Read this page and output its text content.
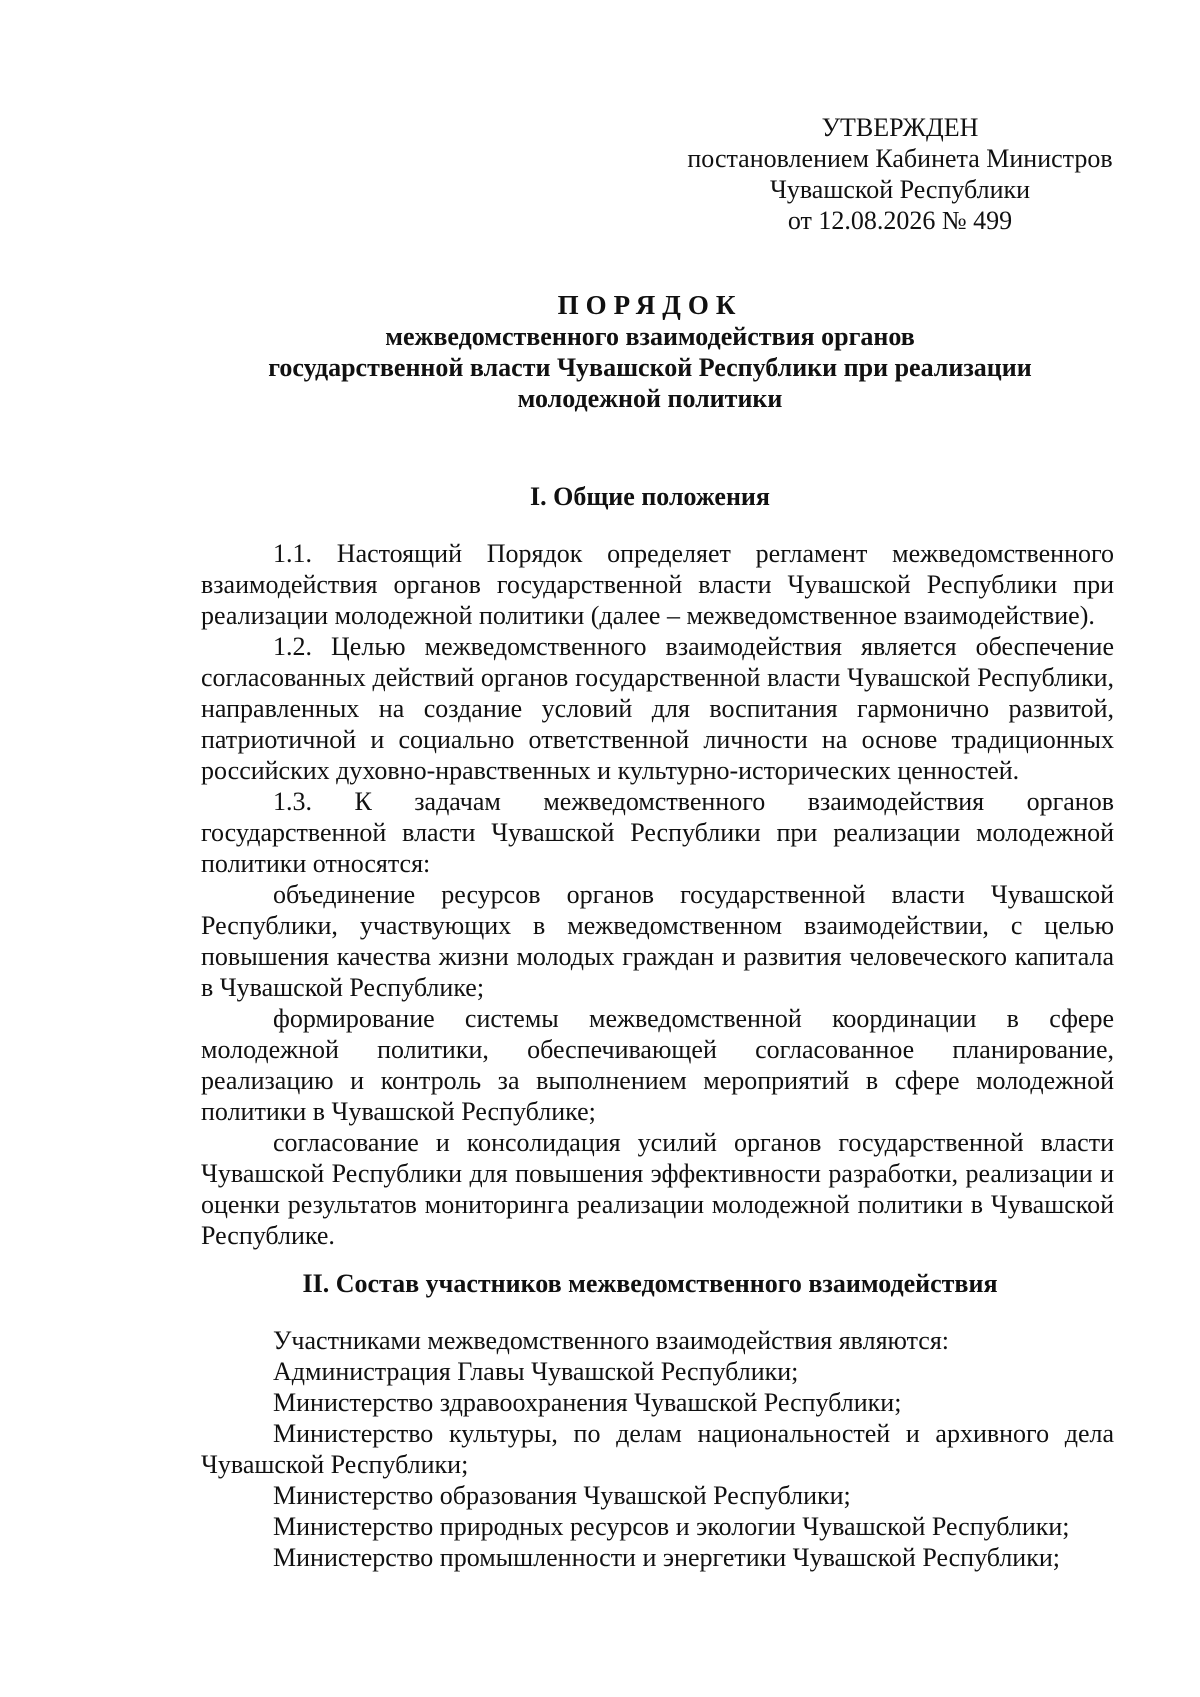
УТВЕРЖДЕН
постановлением Кабинета Министров
Чувашской Республики
от 12.08.2026 № 499
ПОРЯДОК
межведомственного взаимодействия органов
государственной власти Чувашской Республики при реализации
молодежной политики
I. Общие положения

1.1. Настоящий Порядок определяет регламент межведомственного взаимодействия органов государственной власти Чувашской Республики при реализации молодежной политики (далее – межведомственное взаимодействие).

1.2. Целью межведомственного взаимодействия является обеспечение согласованных действий органов государственной власти Чувашской Республики, направленных на создание условий для воспитания гармонично развитой, патриотичной и социально ответственной личности на основе традиционных российских духовно-нравственных и культурно-исторических ценностей.

1.3. К задачам межведомственного взаимодействия органов государственной власти Чувашской Республики при реализации молодежной политики относятся:

объединение ресурсов органов государственной власти Чувашской Республики, участвующих в межведомственном взаимодействии, с целью повышения качества жизни молодых граждан и развития человеческого капитала в Чувашской Республике;

формирование системы межведомственной координации в сфере молодежной политики, обеспечивающей согласованное планирование, реализацию и контроль за выполнением мероприятий в сфере молодежной политики в Чувашской Республике;

согласование и консолидация усилий органов государственной власти Чувашской Республики для повышения эффективности разработки, реализации и оценки результатов мониторинга реализации молодежной политики в Чувашской Республике.

II. Состав участников межведомственного взаимодействия

Участниками межведомственного взаимодействия являются:

Администрация Главы Чувашской Республики;

Министерство здравоохранения Чувашской Республики;

Министерство культуры, по делам национальностей и архивного дела Чувашской Республики;

Министерство образования Чувашской Республики;

Министерство природных ресурсов и экологии Чувашской Республики;

Министерство промышленности и энергетики Чувашской Республики;
